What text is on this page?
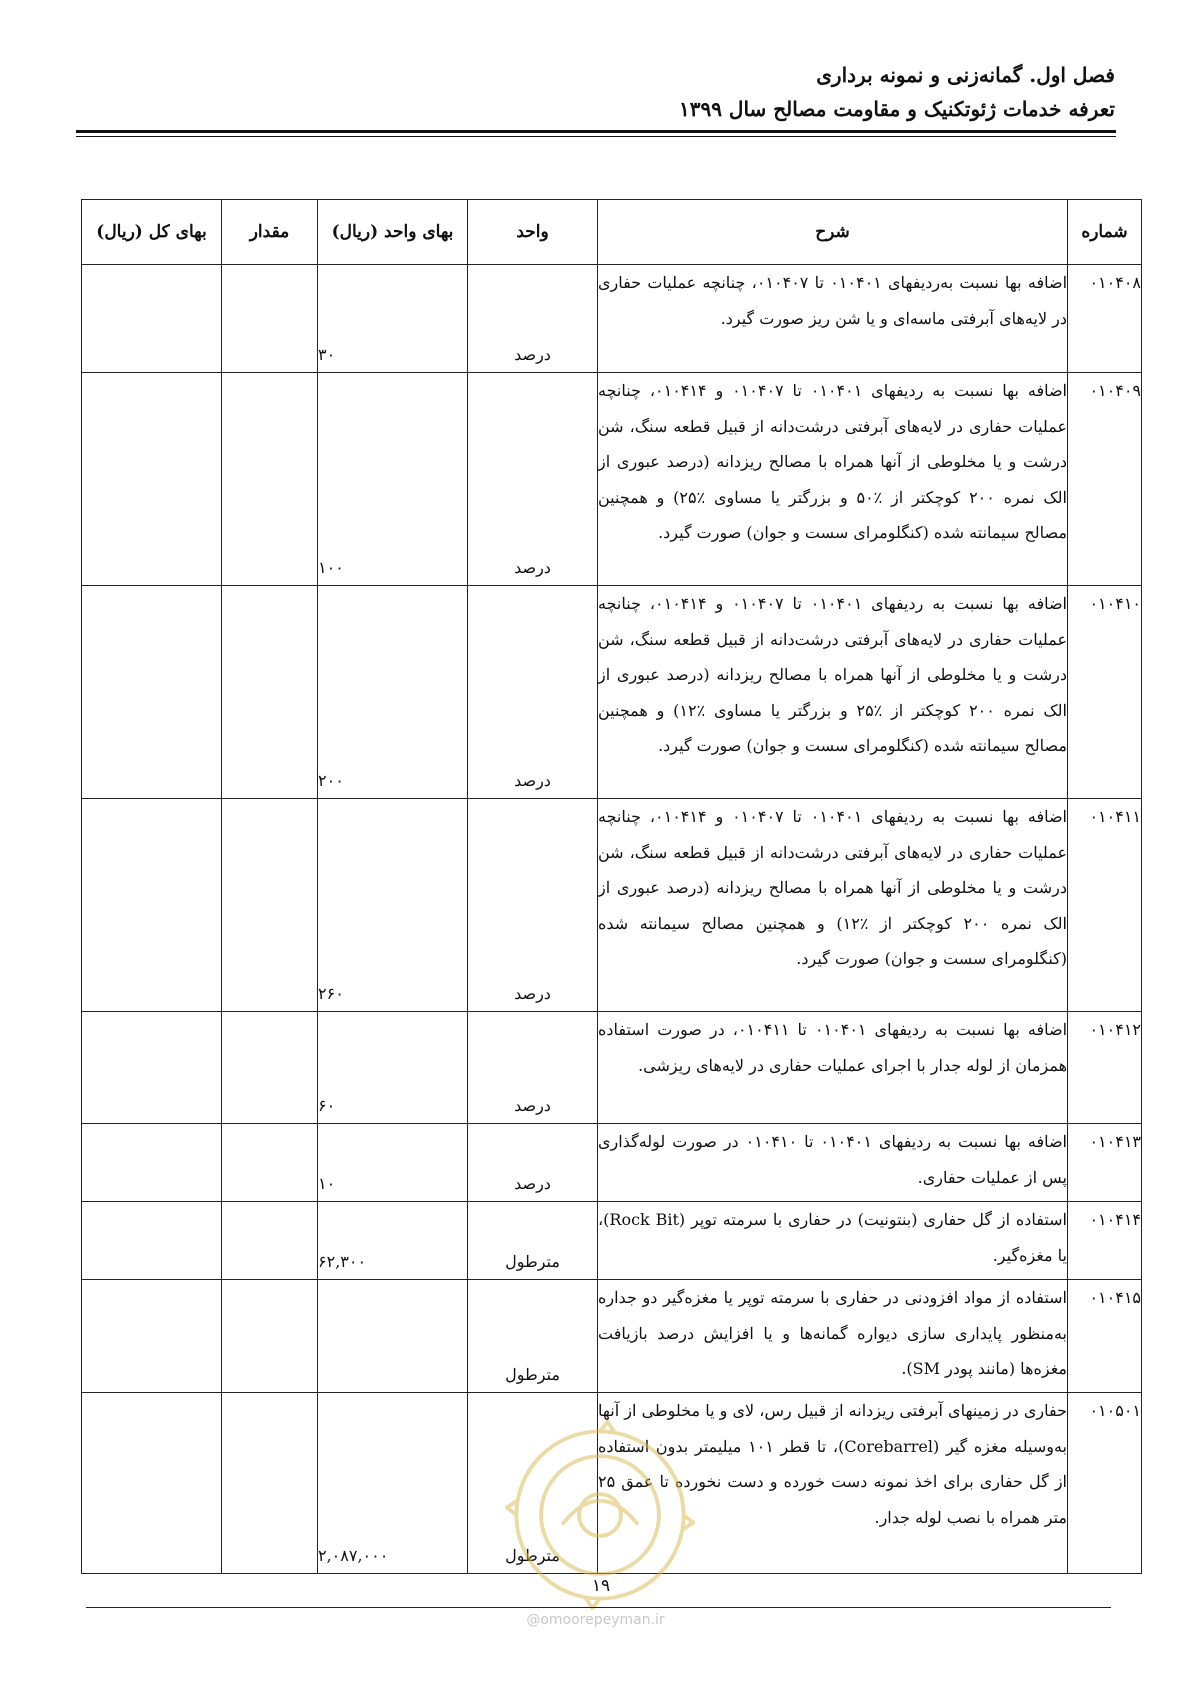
فصل اول. گمانه‌زنی و نمونه برداری
تعرفه خدمات ژئوتکنیک و مقاومت مصالح سال ۱۳۹۹
شماره	شرح	واحد	بهای واحد (ریال)	مقدار	بهای کل (ریال)
۰۱۰۴۰۸	اضافه بها نسبت به‌ردیفهای ۰۱۰۴۰۱ تا ۰۱۰۴۰۷، چنانچه عملیات حفاری در لایه‌های آبرفتی ماسه‌ای و یا شن ریز صورت گیرد.	درصد	۳۰		
۰۱۰۴۰۹	اضافه بها نسبت به ردیفهای ۰۱۰۴۰۱ تا ۰۱۰۴۰۷ و ۰۱۰۴۱۴، چنانچه عملیات حفاری در لایه‌های آبرفتی درشت‌دانه از قبیل قطعه سنگ، شن درشت و یا مخلوطی از آنها همراه با مصالح ریزدانه (درصد عبوری از الک نمره ۲۰۰ کوچکتر از ٪۵۰ و بزرگتر یا مساوی ٪۲۵) و همچنین مصالح سیمانته شده (کنگلومرای سست و جوان) صورت گیرد.	درصد	۱۰۰		
۰۱۰۴۱۰	اضافه بها نسبت به ردیفهای ۰۱۰۴۰۱ تا ۰۱۰۴۰۷ و ۰۱۰۴۱۴، چنانچه عملیات حفاری در لایه‌های آبرفتی درشت‌دانه از قبیل قطعه سنگ، شن درشت و یا مخلوطی از آنها همراه با مصالح ریزدانه (درصد عبوری از الک نمره ۲۰۰ کوچکتر از ٪۲۵ و بزرگتر یا مساوی ٪۱۲) و همچنین مصالح سیمانته شده (کنگلومرای سست و جوان) صورت گیرد.	درصد	۲۰۰		
۰۱۰۴۱۱	اضافه بها نسبت به ردیفهای ۰۱۰۴۰۱ تا ۰۱۰۴۰۷ و ۰۱۰۴۱۴، چنانچه عملیات حفاری در لایه‌های آبرفتی درشت‌دانه از قبیل قطعه سنگ، شن درشت و یا مخلوطی از آنها همراه با مصالح ریزدانه (درصد عبوری از الک نمره ۲۰۰ کوچکتر از ٪۱۲) و همچنین مصالح سیمانته شده (کنگلومرای سست و جوان) صورت گیرد.	درصد	۲۶۰		
۰۱۰۴۱۲	اضافه بها نسبت به ردیفهای ۰۱۰۴۰۱ تا ۰۱۰۴۱۱، در صورت استفاده همزمان از لوله جدار با اجرای عملیات حفاری در لایه‌های ریزشی.	درصد	۶۰		
۰۱۰۴۱۳	اضافه بها نسبت به ردیفهای ۰۱۰۴۰۱ تا ۰۱۰۴۱۰ در صورت لوله‌گذاری پس از عملیات حفاری.	درصد	۱۰		
۰۱۰۴۱۴	استفاده از گل حفاری (بنتونیت) در حفاری با سرمته توپر (Rock Bit)، یا مغزه‌گیر.	مترطول	۶۲,۳۰۰		
۰۱۰۴۱۵	استفاده از مواد افزودنی در حفاری با سرمته توپر یا مغزه‌گیر دو جداره به‌منظور پایداری سازی دیواره گمانه‌ها و یا افزایش درصد بازیافت مغزه‌ها (مانند پودر SM).	مترطول			
۰۱۰۵۰۱	حفاری در زمینهای آبرفتی ریزدانه از قبیل رس، لای و یا مخلوطی از آنها به‌وسیله مغزه گیر (Corebarrel)، تا قطر ۱۰۱ میلیمتر بدون استفاده از گل حفاری برای اخذ نمونه دست خورده و دست نخورده تا عمق ۲۵ متر همراه با نصب لوله جدار.	مترطول	۲,۰۸۷,۰۰۰		
۱۹
@omoorepeyman.ir
